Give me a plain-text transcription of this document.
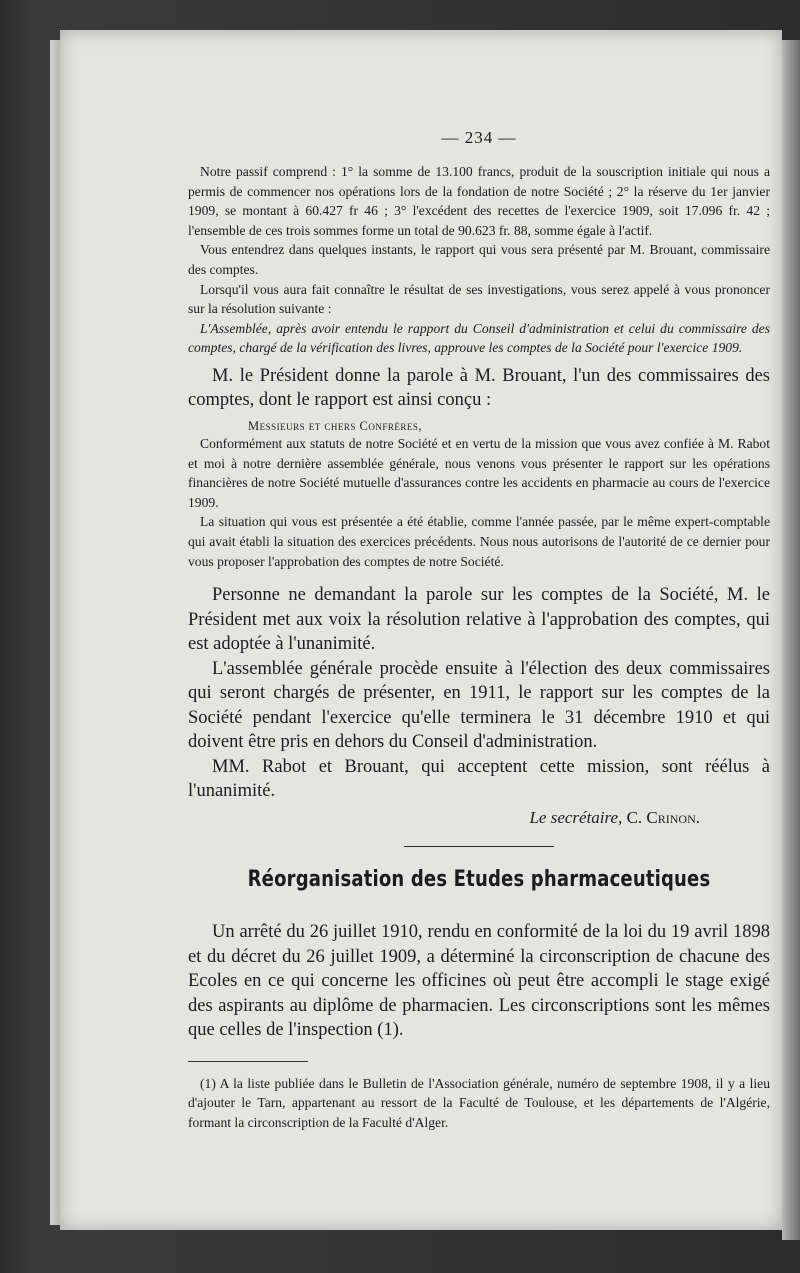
— 234 —

Notre passif comprend : 1° la somme de 13.100 francs, produit de la souscription initiale qui nous a permis de commencer nos opérations lors de la fondation de notre Société ; 2° la réserve du 1er janvier 1909, se montant à 60.427 fr 46 ; 3° l'excédent des recettes de l'exercice 1909, soit 17.096 fr. 42 ; l'ensemble de ces trois sommes forme un total de 90.623 fr. 88, somme égale à l'actif.

Vous entendrez dans quelques instants, le rapport qui vous sera présenté par M. Brouant, commissaire des comptes.

Lorsqu'il vous aura fait connaître le résultat de ses investigations, vous serez appelé à vous prononcer sur la résolution suivante :

L'Assemblée, après avoir entendu le rapport du Conseil d'administration et celui du commissaire des comptes, chargé de la vérification des livres, approuve les comptes de la Société pour l'exercice 1909.

M. le Président donne la parole à M. Brouant, l'un des commissaires des comptes, dont le rapport est ainsi conçu :

Messieurs et chers Confrères,

Conformément aux statuts de notre Société et en vertu de la mission que vous avez confiée à M. Rabot et moi à notre dernière assemblée générale, nous venons vous présenter le rapport sur les opérations financières de notre Société mutuelle d'assurances contre les accidents en pharmacie au cours de l'exercice 1909.

La situation qui vous est présentée a été établie, comme l'année passée, par le même expert-comptable qui avait établi la situation des exercices précédents. Nous nous autorisons de l'autorité de ce dernier pour vous proposer l'approbation des comptes de notre Société.

Personne ne demandant la parole sur les comptes de la Société, M. le Président met aux voix la résolution relative à l'approbation des comptes, qui est adoptée à l'unanimité.

L'assemblée générale procède ensuite à l'élection des deux commissaires qui seront chargés de présenter, en 1911, le rapport sur les comptes de la Société pendant l'exercice qu'elle terminera le 31 décembre 1910 et qui doivent être pris en dehors du Conseil d'administration.

MM. Rabot et Brouant, qui acceptent cette mission, sont réélus à l'unanimité.

Le secrétaire, C. Crinon.
Réorganisation des Etudes pharmaceutiques

Un arrêté du 26 juillet 1910, rendu en conformité de la loi du 19 avril 1898 et du décret du 26 juillet 1909, a déterminé la circonscription de chacune des Ecoles en ce qui concerne les officines où peut être accompli le stage exigé des aspirants au diplôme de pharmacien. Les circonscriptions sont les mêmes que celles de l'inspection (1).

(1) A la liste publiée dans le Bulletin de l'Association générale, numéro de septembre 1908, il y a lieu d'ajouter le Tarn, appartenant au ressort de la Faculté de Toulouse, et les départements de l'Algérie, formant la circonscription de la Faculté d'Alger.
